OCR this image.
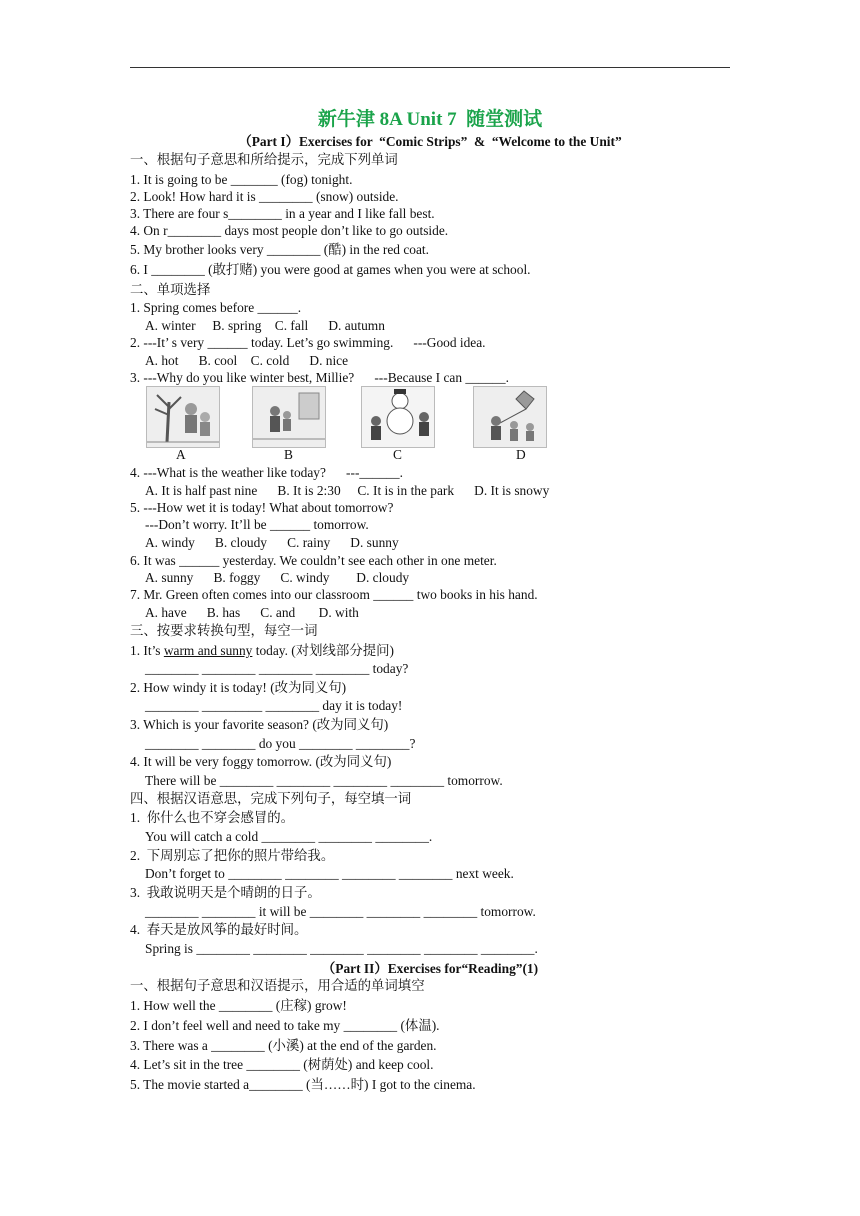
新牛津 8A Unit 7  随堂测试
（Part I）Exercises for  “Comic Strips”  &  “Welcome to the Unit”
一、根据句子意思和所给提示，完成下列单词
1. It is going to be _______ (fog) tonight.
2. Look! How hard it is ________ (snow) outside.
3. There are four s________ in a year and I like fall best.
4. On r________ days most people don’t like to go outside.
5. My brother looks very ________ (酷) in the red coat.
6. I ________ (敢打赌) you were good at games when you were at school.
二、单项选择
1. Spring comes before ______.
A. winter     B. spring    C. fall      D. autumn
2. ---It’ s very ______ today. Let’s go swimming.      ---Good idea.
A. hot      B. cool    C. cold      D. nice
3. ---Why do you like winter best, Millie?      ---Because I can ______.
A	B	C	D
4. ---What is the weather like today?      ---______.
A. It is half past nine      B. It is 2:30     C. It is in the park      D. It is snowy
5. ---How wet it is today! What about tomorrow?
---Don’t worry. It’ll be ______ tomorrow.
A. windy      B. cloudy      C. rainy      D. sunny
6. It was ______ yesterday. We couldn’t see each other in one meter.
A. sunny      B. foggy      C. windy        D. cloudy
7. Mr. Green often comes into our classroom ______ two books in his hand.
A. have      B. has      C. and       D. with
三、按要求转换句型，每空一词
1. It’s warm and sunny today. (对划线部分提问)
________ ________ ________ ________ today?
2. How windy it is today! (改为同义句)
________ _________ ________ day it is today!
3. Which is your favorite season? (改为同义句)
________ ________ do you ________ ________?
4. It will be very foggy tomorrow. (改为同义句)
There will be ________ ________ ________ ________ tomorrow.
四、根据汉语意思，完成下列句子，每空填一词
1.  你什么也不穿会感冒的。
You will catch a cold ________ ________ ________.
2.  下周别忘了把你的照片带给我。
Don’t forget to ________ ________ ________ ________ next week.
3.  我敢说明天是个晴朗的日子。
________ ________ it will be ________ ________ ________ tomorrow.
4.  春天是放风筝的最好时间。
Spring is ________ ________ ________ ________ ________ ________.
（Part II）Exercises for“Reading”(1)
一、根据句子意思和汉语提示，用合适的单词填空
1. How well the ________ (庄稼) grow!
2. I don’t feel well and need to take my ________ (体温).
3. There was a ________ (小溪) at the end of the garden.
4. Let’s sit in the tree ________ (树荫处) and keep cool.
5. The movie started a________ (当……时) I got to the cinema.
